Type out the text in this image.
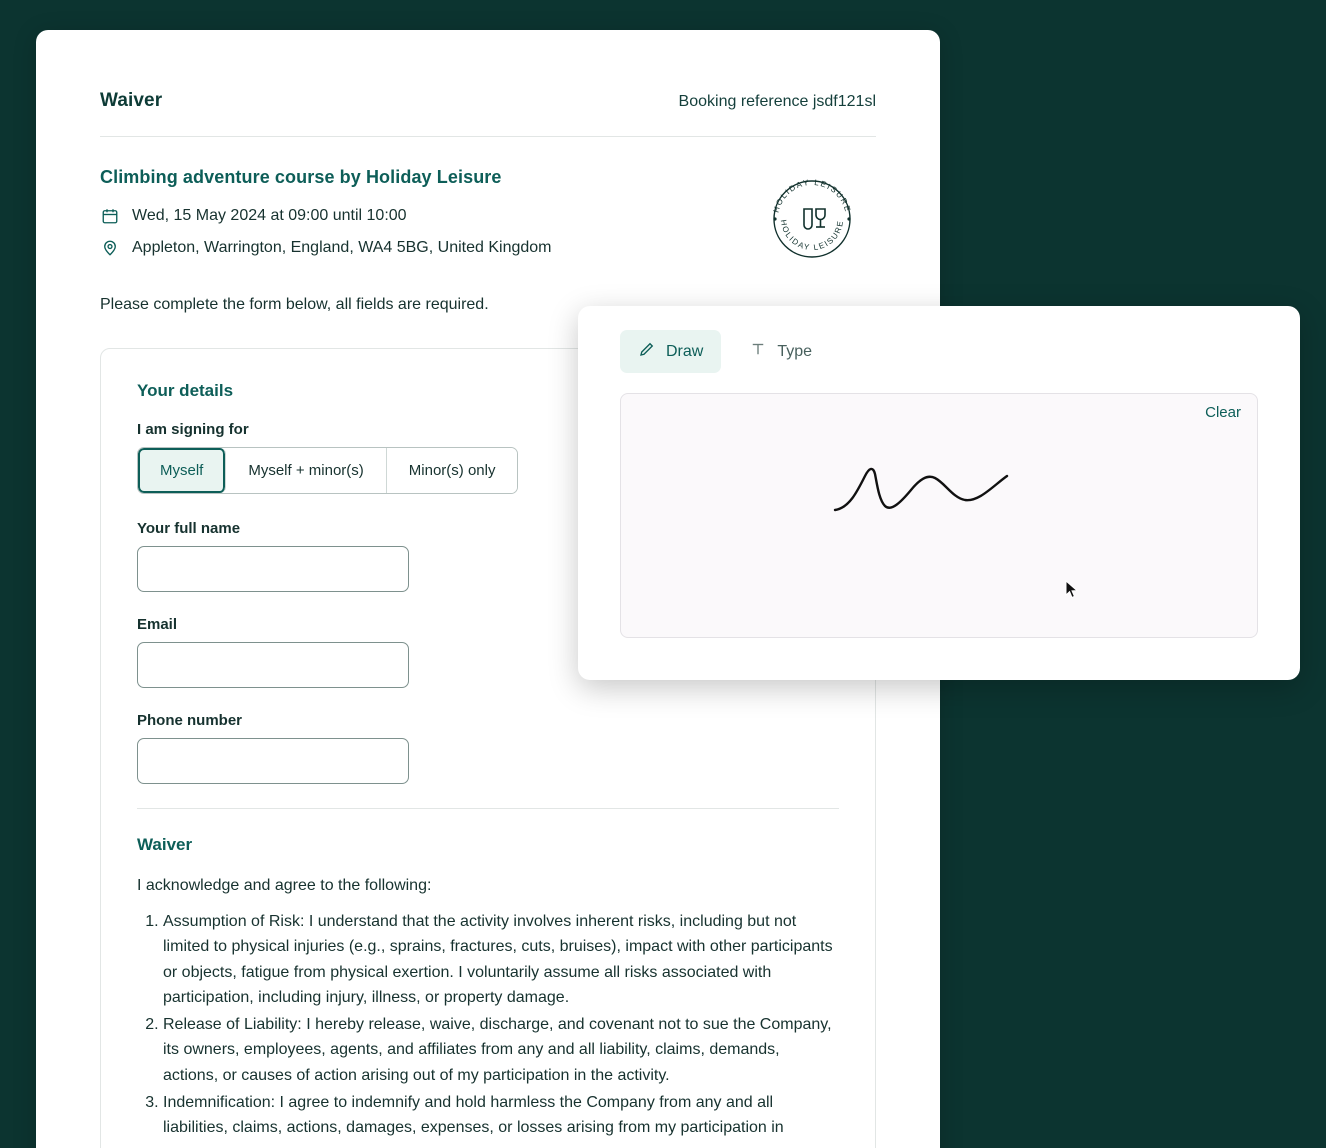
Waiver	Booking reference jsdf121sl
Climbing adventure course by Holiday Leisure
Wed, 15 May 2024 at 09:00 until 10:00
Appleton, Warrington, England, WA4 5BG, United Kingdom
HOLIDAY LEISURE
HOLIDAY LEISURE

Please complete the form below, all fields are required.

Your details
I am signing for
Myself	Myself + minor(s)	Minor(s) only
Your full name
Email
Phone number
Waiver

I acknowledge and agree to the following:

1. Assumption of Risk: I understand that the activity involves inherent risks, including but not limited to physical injuries (e.g., sprains, fractures, cuts, bruises), impact with other participants or objects, fatigue from physical exertion. I voluntarily assume all risks associated with participation, including injury, illness, or property damage.
2. Release of Liability: I hereby release, waive, discharge, and covenant not to sue the Company, its owners, employees, agents, and affiliates from any and all liability, claims, demands, actions, or causes of action arising out of my participation in the activity.
3. Indemnification: I agree to indemnify and hold harmless the Company from any and all liabilities, claims, actions, damages, expenses, or losses arising from my participation in
Draw	Type
Clear
